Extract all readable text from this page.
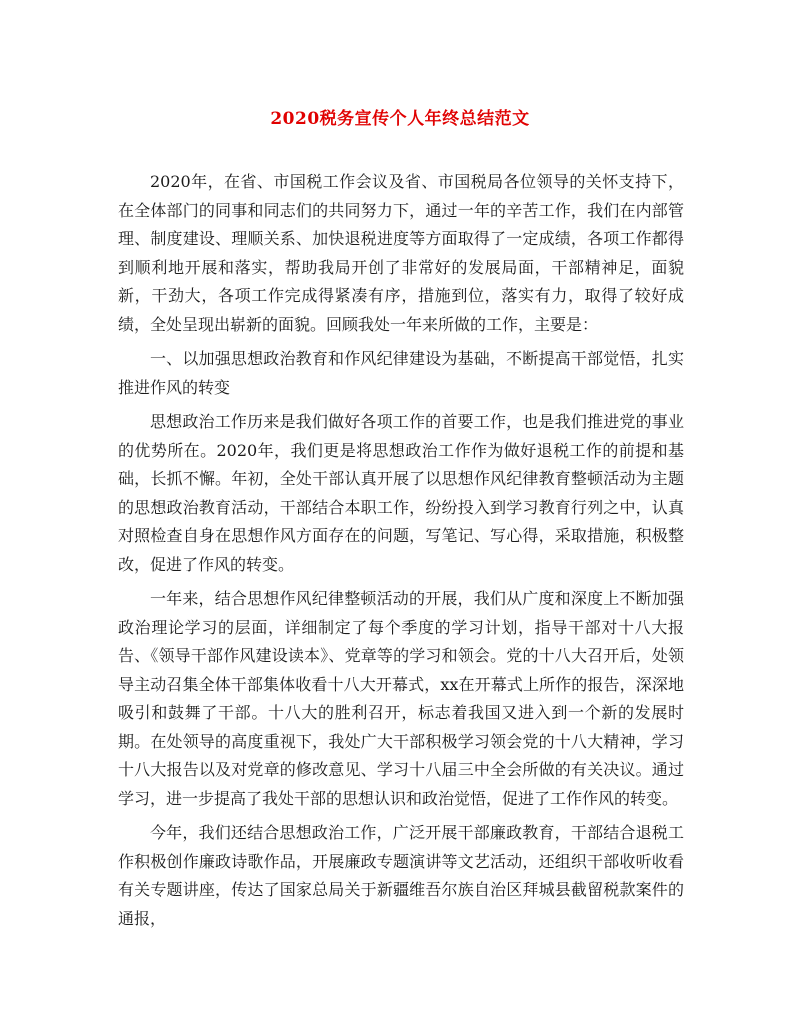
2020税务宣传个人年终总结范文

2020年，在省、市国税工作会议及省、市国税局各位领导的关怀支持下，在全体部门的同事和同志们的共同努力下，通过一年的辛苦工作，我们在内部管理、制度建设、理顺关系、加快退税进度等方面取得了一定成绩，各项工作都得到顺利地开展和落实，帮助我局开创了非常好的发展局面，干部精神足，面貌新，干劲大，各项工作完成得紧凑有序，措施到位，落实有力，取得了较好成绩，全处呈现出崭新的面貌。回顾我处一年来所做的工作，主要是：

一、以加强思想政治教育和作风纪律建设为基础，不断提高干部觉悟，扎实推进作风的转变

思想政治工作历来是我们做好各项工作的首要工作，也是我们推进党的事业的优势所在。2020年，我们更是将思想政治工作作为做好退税工作的前提和基础，长抓不懈。年初，全处干部认真开展了以思想作风纪律教育整顿活动为主题的思想政治教育活动，干部结合本职工作，纷纷投入到学习教育行列之中，认真对照检查自身在思想作风方面存在的问题，写笔记、写心得，采取措施，积极整改，促进了作风的转变。

一年来，结合思想作风纪律整顿活动的开展，我们从广度和深度上不断加强政治理论学习的层面，详细制定了每个季度的学习计划，指导干部对十八大报告、《领导干部作风建设读本》、党章等的学习和领会。党的十八大召开后，处领导主动召集全体干部集体收看十八大开幕式，xx在开幕式上所作的报告，深深地吸引和鼓舞了干部。十八大的胜利召开，标志着我国又进入到一个新的发展时期。在处领导的高度重视下，我处广大干部积极学习领会党的十八大精神，学习十八大报告以及对党章的修改意见、学习十八届三中全会所做的有关决议。通过学习，进一步提高了我处干部的思想认识和政治觉悟，促进了工作作风的转变。

今年，我们还结合思想政治工作，广泛开展干部廉政教育，干部结合退税工作积极创作廉政诗歌作品，开展廉政专题演讲等文艺活动，还组织干部收听收看有关专题讲座，传达了国家总局关于新疆维吾尔族自治区拜城县截留税款案件的通报，
